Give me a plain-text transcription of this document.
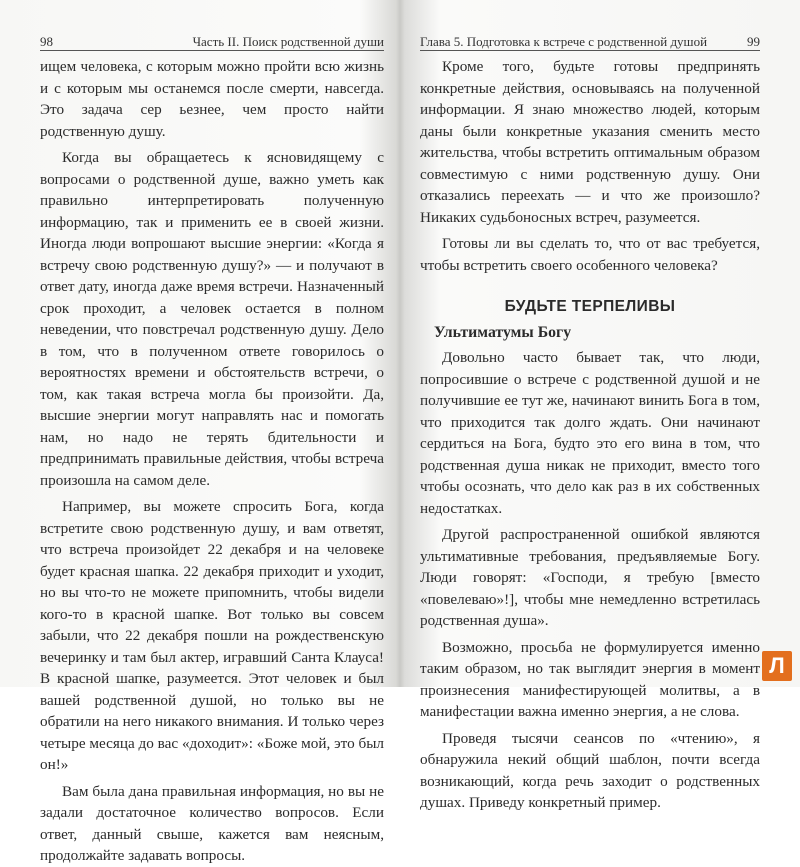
98	Часть II. Поиск родственной души

ищем человека, с которым можно пройти всю жизнь и с которым мы останемся после смерти, навсегда. Это задача сер ьезнее, чем просто найти родственную душу.

Когда вы обращаетесь к ясновидящему с вопросами о родственной душе, важно уметь как правильно интерпретировать полученную информацию, так и применить ее в своей жизни. Иногда люди вопрошают высшие энергии: «Когда я встречу свою родственную душу?» — и получают в ответ дату, иногда даже время встречи. Назначенный срок проходит, а человек остается в полном неведении, что повстречал родственную душу. Дело в том, что в полученном ответе говорилось о вероятностях времени и обстоятельств встречи, о том, как такая встреча могла бы произойти. Да, высшие энергии могут направлять нас и помогать нам, но надо не терять бдительности и предпринимать правильные действия, чтобы встреча произошла на самом деле.

Например, вы можете спросить Бога, когда встретите свою родственную душу, и вам ответят, что встреча произойдет 22 декабря и на человеке будет красная шапка. 22 декабря приходит и уходит, но вы что-то не можете припомнить, чтобы видели кого-то в красной шапке. Вот только вы совсем забыли, что 22 декабря пошли на рождественскую вечеринку и там был актер, игравший Санта Клауса! В красной шапке, разумеется. Этот человек и был вашей родственной душой, но только вы не обратили на него никакого внимания. И только через четыре месяца до вас «доходит»: «Боже мой, это был он!»

Вам была дана правильная информация, но вы не задали достаточное количество вопросов. Если ответ, данный свыше, кажется вам неясным, продолжайте задавать вопросы.

Глава 5. Подготовка к встрече с родственной душой	99

Кроме того, будьте готовы предпринять конкретные действия, основываясь на полученной информации. Я знаю множество людей, которым даны были конкретные указания сменить место жительства, чтобы встретить оптимальным образом совместимую с ними родственную душу. Они отказались переехать — и что же произошло? Никаких судьбоносных встреч, разумеется.

Готовы ли вы сделать то, что от вас требуется, чтобы встретить своего особенного человека?

БУДЬТЕ ТЕРПЕЛИВЫ
Ультиматумы Богу

Довольно часто бывает так, что люди, попросившие о встрече с родственной душой и не получившие ее тут же, начинают винить Бога в том, что приходится так долго ждать. Они начинают сердиться на Бога, будто это его вина в том, что родственная душа никак не приходит, вместо того чтобы осознать, что дело как раз в их собственных недостатках.

Другой распространенной ошибкой являются ультимативные требования, предъявляемые Богу. Люди говорят: «Господи, я требую [вместо «повелеваю»!], чтобы мне немедленно встретилась родственная душа».

Возможно, просьба не формулируется именно таким образом, но так выглядит энергия в момент произнесения манифестирующей молитвы, а в манифестации важна именно энергия, а не слова.

Проведя тысячи сеансов по «чтению», я обнаружила некий общий шаблон, почти всегда возникающий, когда речь заходит о родственных душах. Приведу конкретный пример.

Л
